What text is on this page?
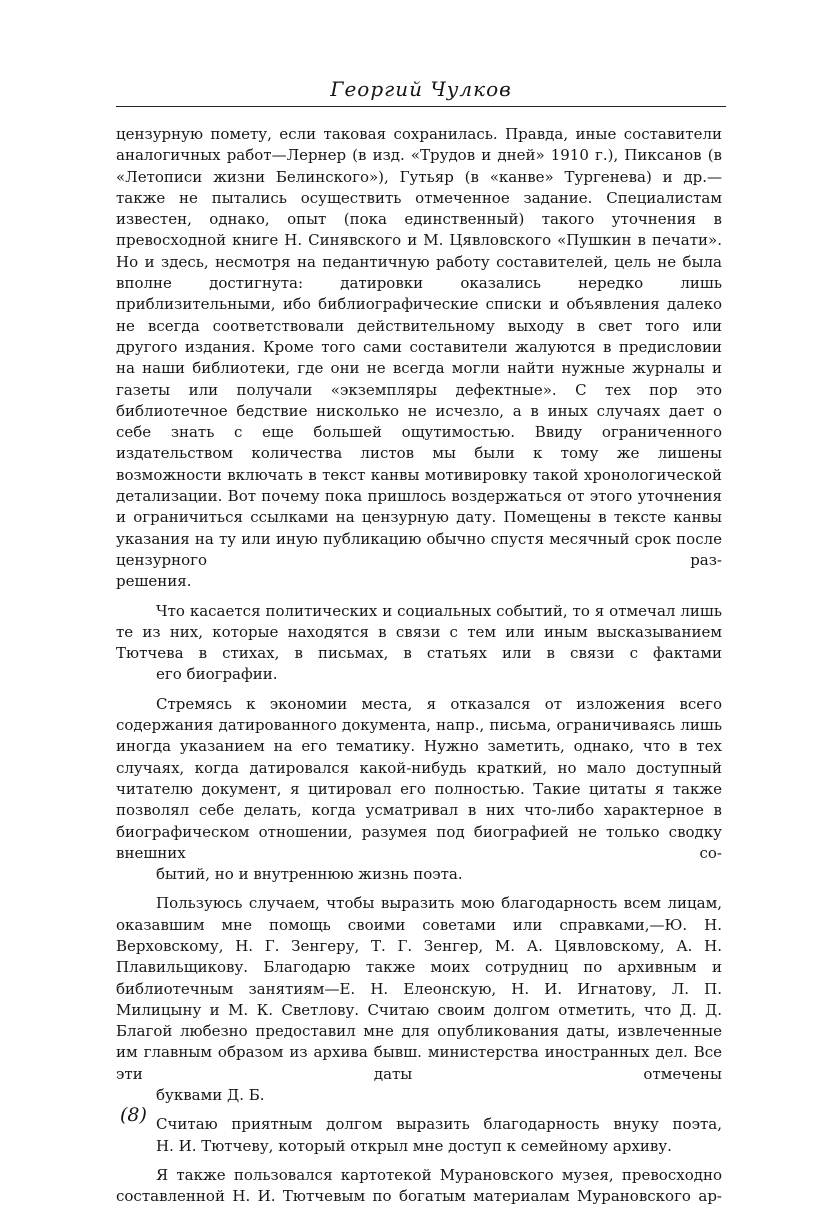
Георгий Чулков

цензурную помету, если таковая сохранилась. Правда, иные составители аналогичных работ—Лернер (в изд. «Трудов и дней» 1910 г.), Пиксанов (в «Летописи жизни Белинского»), Гутьяр (в «канве» Тургенева) и др.—также не пытались осуществить отмеченное задание. Специалистам известен, однако, опыт (пока единственный) такого уточнения в превосходной книге Н. Синявского и М. Цявловского «Пушкин в печати». Но и здесь, несмотря на педантичную работу составителей, цель не была вполне достигнута: датировки оказались нередко лишь приблизительными, ибо библиографические списки и объявления далеко не всегда соответствовали действительному выходу в свет того или другого издания. Кроме того сами составители жалуются в предисловии на наши библиотеки, где они не всегда могли найти нужные журналы и газеты или получали «экземпляры дефектные». С тех пор это библиотечное бедствие нисколько не исчезло, а в иных случаях дает о себе знать с еще большей ощутимостью. Ввиду ограниченного издательством количества листов мы были к тому же лишены возможности включать в текст канвы мотивировку такой хронологической детализации. Вот почему пока пришлось воздержаться от этого уточнения и ограничиться ссылками на цензурную дату. Помещены в тексте канвы указания на ту или иную публикацию обычно спустя месячный срок после цензурного раз-
решения.

Что касается политических и социальных событий, то я отмечал лишь те из них, которые находятся в связи с тем или иным высказыванием Тютчева в стихах, в письмах, в статьях или в связи с фактами
его биографии.

Стремясь к экономии места, я отказался от изложения всего содержания датированного документа, напр., письма, ограничиваясь лишь иногда указанием на его тематику. Нужно заметить, однако, что в тех случаях, когда датировался какой-нибудь краткий, но мало доступный читателю документ, я цитировал его полностью. Такие цитаты я также позволял себе делать, когда усматривал в них что-либо характерное в биографическом отношении, разумея под биографией не только сводку внешних со-
бытий, но и внутреннюю жизнь поэта.

Пользуюсь случаем, чтобы выразить мою благодарность всем лицам, оказавшим мне помощь своими советами или справками,—Ю. Н. Верховскому, Н. Г. Зенгеру, Т. Г. Зенгер, М. А. Цявловскому, А. Н. Плавильщикову. Благодарю также моих сотрудниц по архивным и библиотечным занятиям—Е. Н. Елеонскую, Н. И. Игнатову, Л. П. Милицыну и М. К. Светлову. Считаю своим долгом отметить, что Д. Д. Благой любезно предоставил мне для опубликования даты, извлеченные им главным образом из архива бывш. министерства иностранных дел. Все эти даты отмечены
буквами Д. Б.

Считаю приятным долгом выразить благодарность внуку поэта,
Н. И. Тютчеву, который открыл мне доступ к семейному архиву.

Я также пользовался картотекой Мурановского музея, превосходно составленной Н. И. Тютчевым по богатым материалам Мурановского ар-

(8)
